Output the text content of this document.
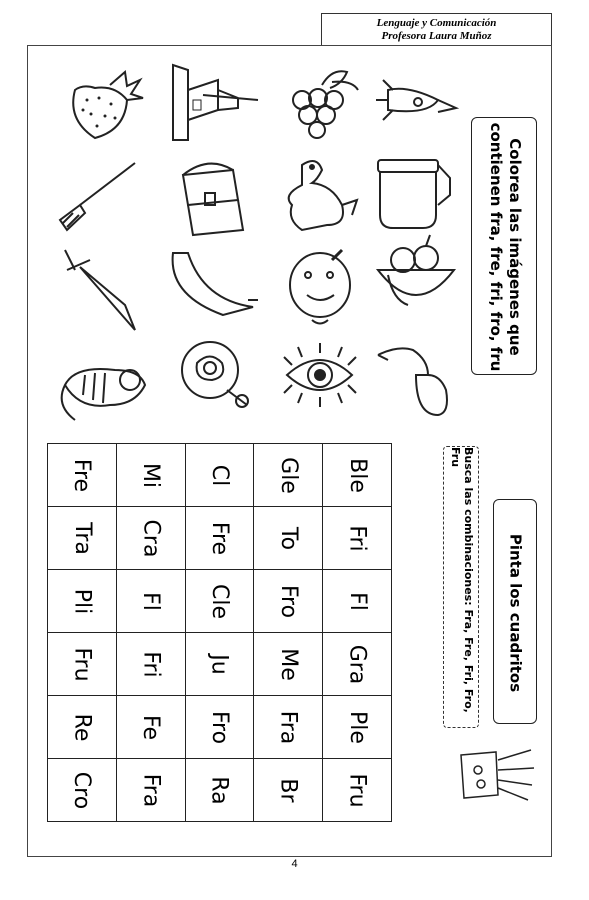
Lenguaje y Comunicación
Profesora Laura Muñoz
Colorea las imágenes que contienen fra, fre, fri, fro, fru
Fre	Mi	Cl	Gle	Ble

Tra	Cra	Fre	To	Fri

Pli	Fl	Cle	Fro	Fl

Fru	Fri	Ju	Me	Gra

Re	Fe	Fro	Fra	Ple

Cro	Fra	Ra	Br	Fru
Busca las combinaciones: Fra, Fre, Fri, Fro, Fru
Pinta los cuadritos
4
